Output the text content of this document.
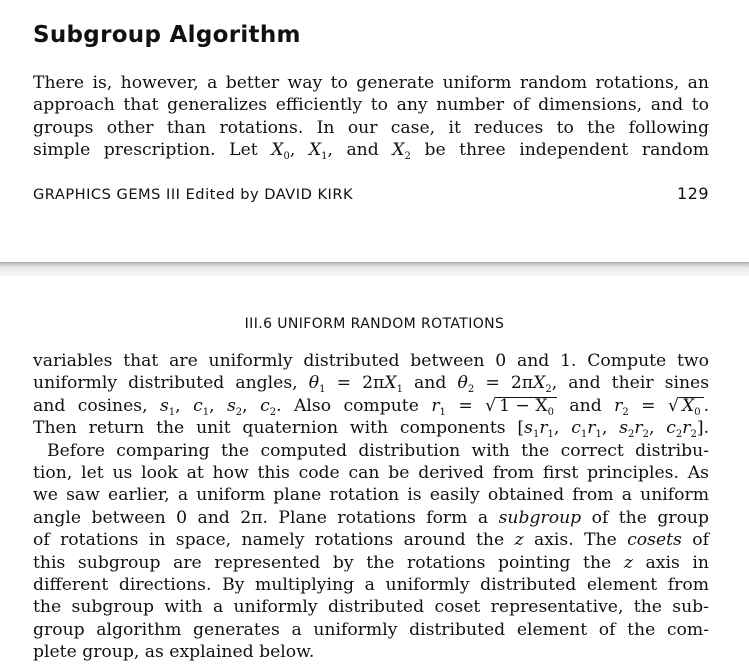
Subgroup Algorithm
There is, however, a better way to generate uniform random rotations, an
approach that generalizes efficiently to any number of dimensions, and to
groups other than rotations. In our case, it reduces to the following
simple prescription. Let $X_0$, $X_1$, and $X_2$ be three independent random
GRAPHICS GEMS III Edited by DAVID KIRK	129
III.6 UNIFORM RANDOM ROTATIONS
variables that are uniformly distributed between 0 and 1. Compute two
uniformly distributed angles, $\theta_1 = 2\pi X_1$ and $\theta_2 = 2\pi X_2$, and their sines
and cosines, $s_1$, $c_1$, $s_2$, $c_2$. Also compute $r_1$ = √ $1 - X_0$ and $r_2$ = √ $X_0$ .
Then return the unit quaternion with components [$s_1r_1$, $c_1r_1$, $s_2r_2$, $c_2r_2$].
Before comparing the computed distribution with the correct distribu-
tion, let us look at how this code can be derived from first principles. As
we saw earlier, a uniform plane rotation is easily obtained from a uniform
angle between 0 and 2π. Plane rotations form a subgroup of the group
of rotations in space, namely rotations around the z axis. The cosets of
this subgroup are represented by the rotations pointing the z axis in
different directions. By multiplying a uniformly distributed element from
the subgroup with a uniformly distributed coset representative, the sub-
group algorithm generates a uniformly distributed element of the com-
plete group, as explained below.
